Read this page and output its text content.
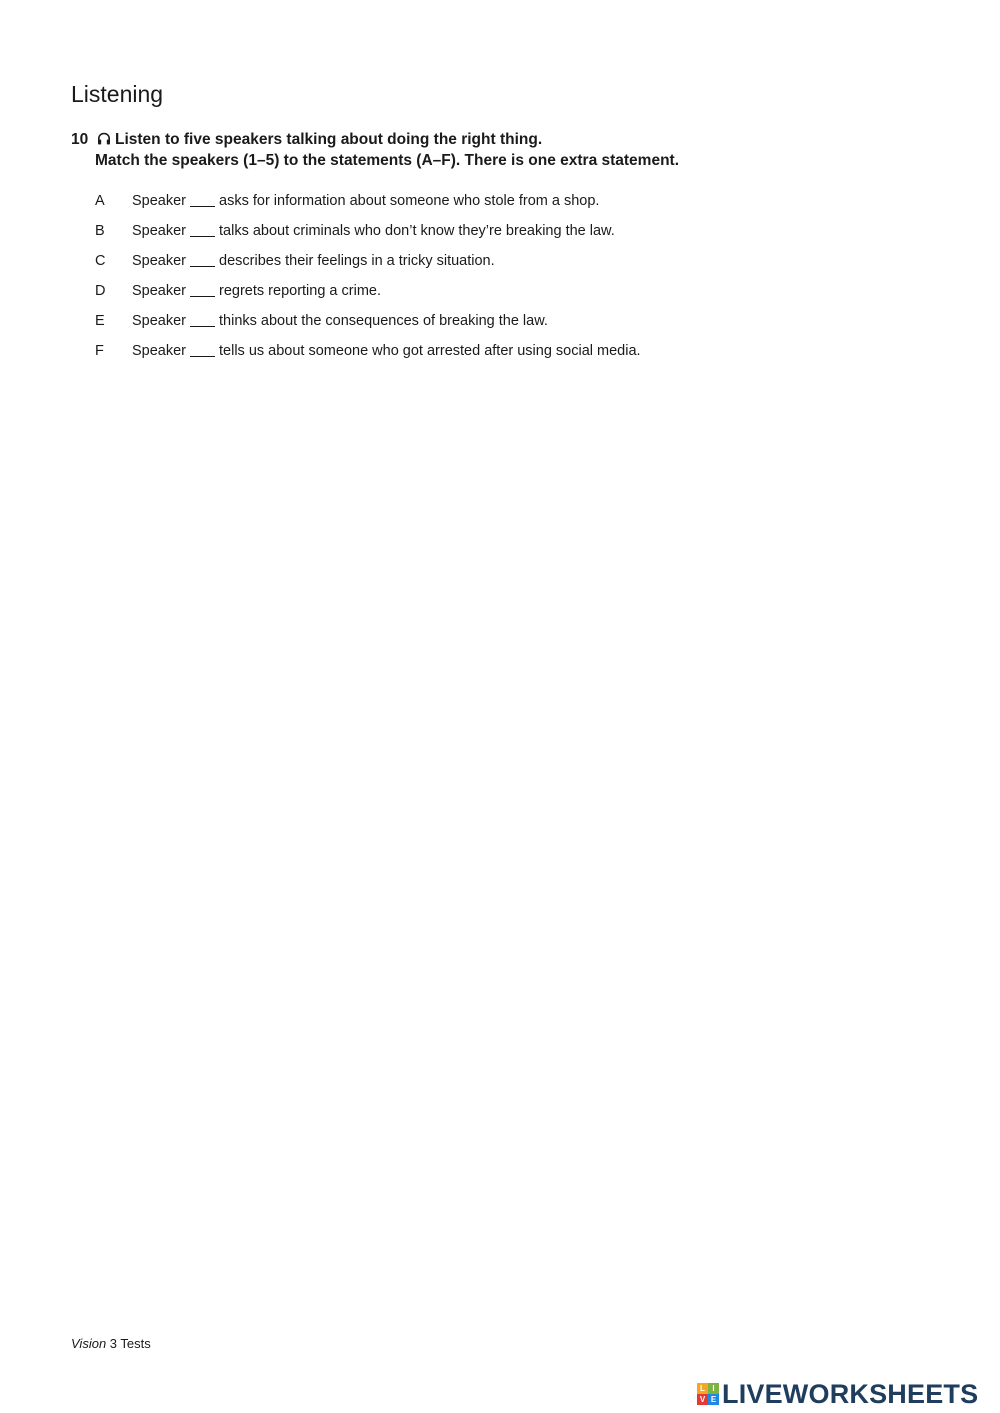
Listening
10 Listen to five speakers talking about doing the right thing.
Match the speakers (1–5) to the statements (A–F). There is one extra statement.
A Speaker asks for information about someone who stole from a shop.
B Speaker talks about criminals who don’t know they’re breaking the law.
C Speaker describes their feelings in a tricky situation.
D Speaker regrets reporting a crime.
E Speaker thinks about the consequences of breaking the law.
F Speaker tells us about someone who got arrested after using social media.
Vision 3 Tests
L I
V E LIVEWORKSHEETS
